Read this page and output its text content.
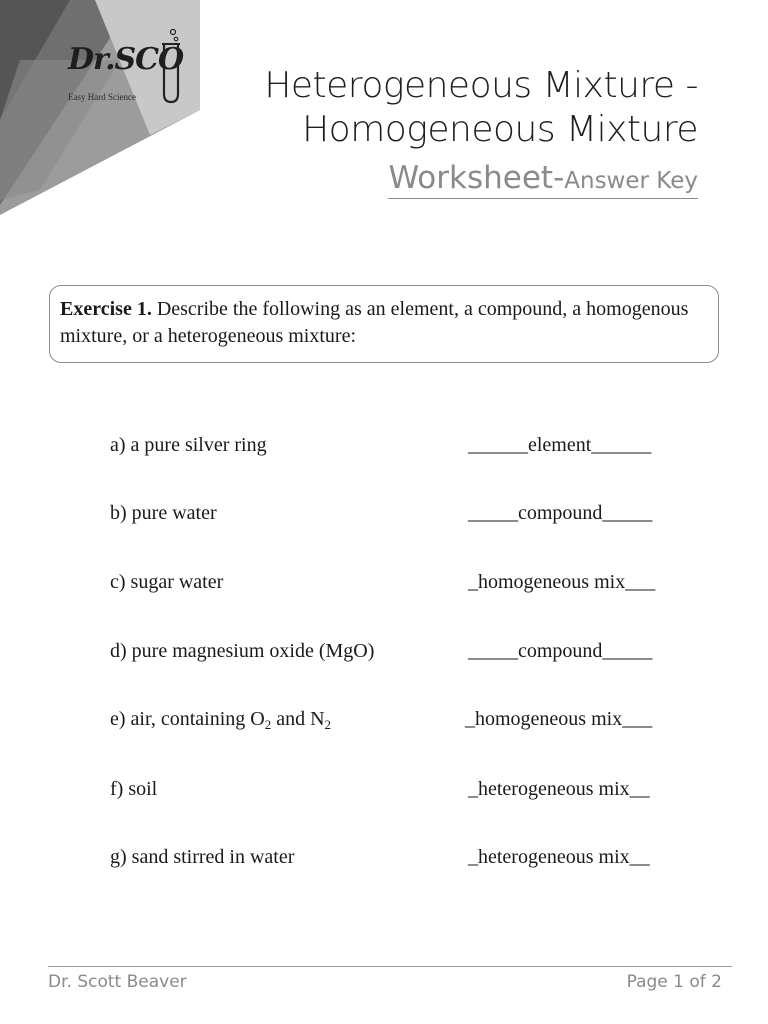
Dr.SCO
Easy Hard Science	Heterogeneous Mixture -
Homogeneous Mixture
Worksheet-Answer Key
Exercise 1. Describe the following as an element, a compound, a homogenous mixture, or a heterogeneous mixture:
a) a pure silver ring	______element______
b) pure water	_____compound_____
c) sugar water	_homogeneous mix___
d) pure magnesium oxide (MgO)	_____compound_____
e) air, containing $O_2$ and $N_2$	_homogeneous mix___
f) soil	_heterogeneous mix__
g) sand stirred in water	_heterogeneous mix__
Dr. Scott Beaver	Page 1 of 2
